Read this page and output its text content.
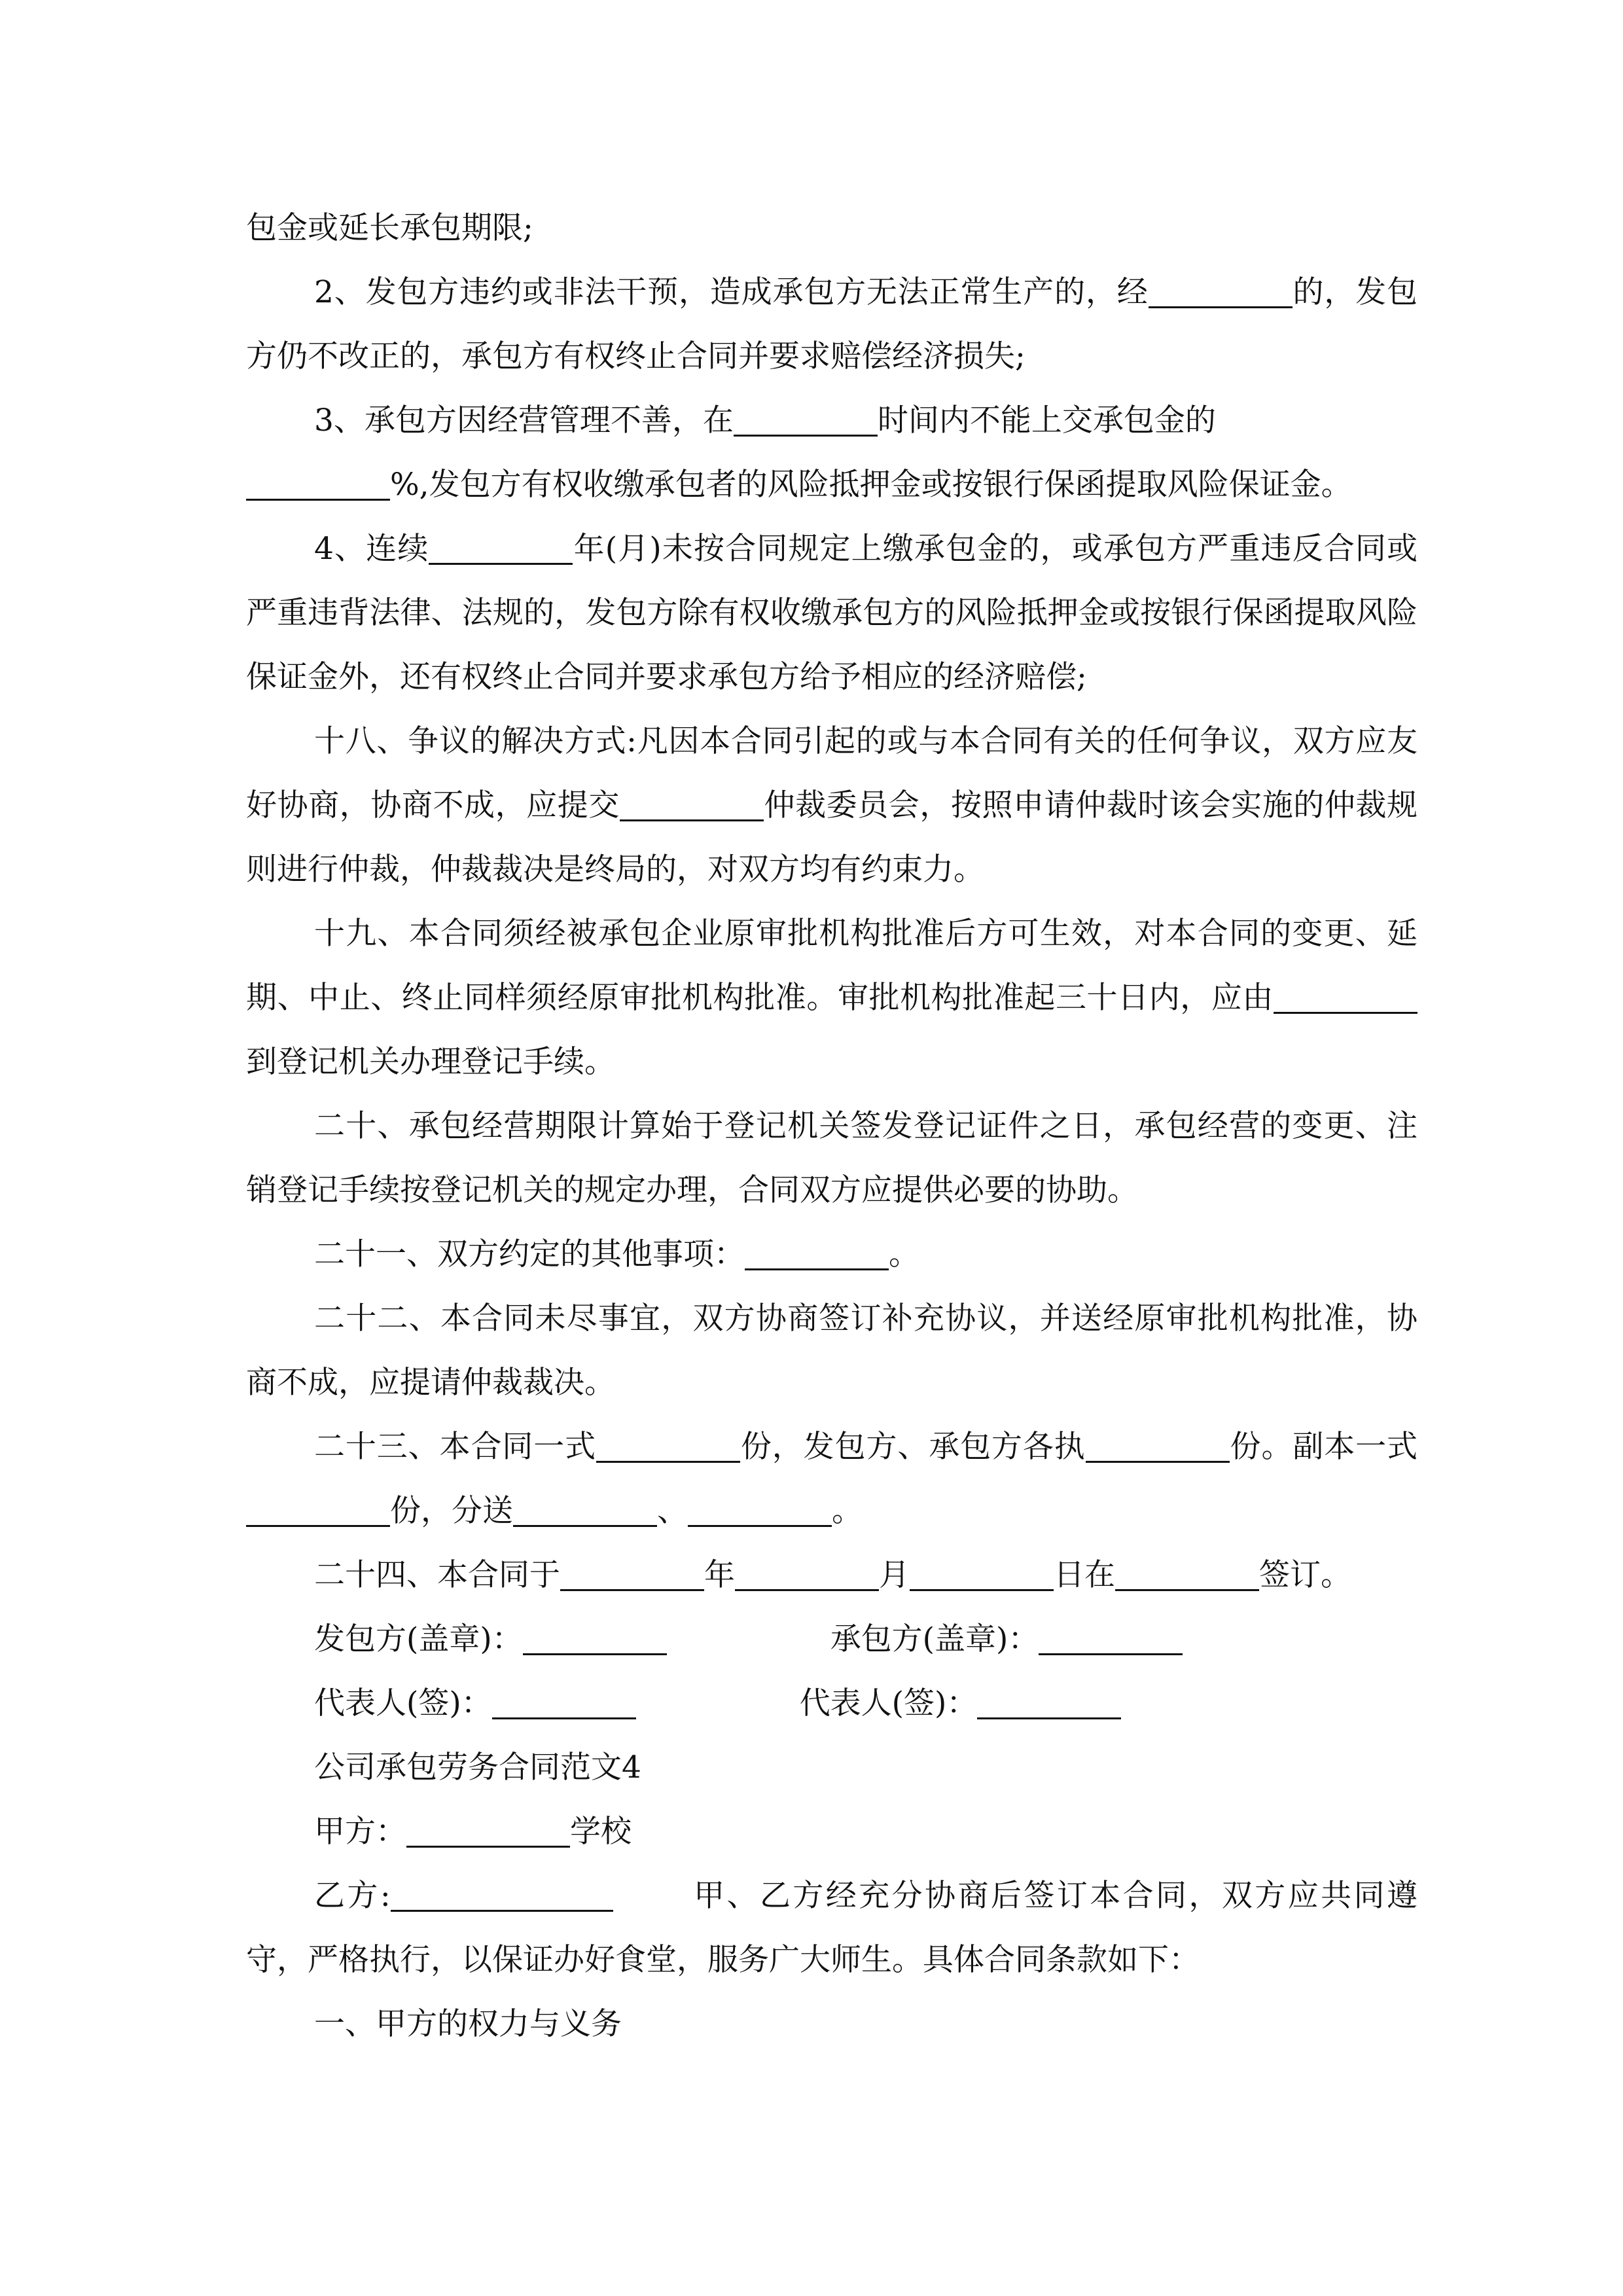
包金或延长承包期限;

2、发包方违约或非法干预，造成承包方无法正常生产的，经	的，发包方仍不改正的，承包方有权终止合同并要求赔偿经济损失;

3、承包方因经营管理不善，在	时间内不能上交承包金的
%,发包方有权收缴承包者的风险抵押金或按银行保函提取风险保证金。

4、连续	年(月)未按合同规定上缴承包金的，或承包方严重违反合同或严重违背法律、法规的，发包方除有权收缴承包方的风险抵押金或按银行保函提取风险保证金外，还有权终止合同并要求承包方给予相应的经济赔偿;

十八、争议的解决方式:凡因本合同引起的或与本合同有关的任何争议，双方应友好协商，协商不成，应提交	仲裁委员会，按照申请仲裁时该会实施的仲裁规则进行仲裁，仲裁裁决是终局的，对双方均有约束力。

十九、本合同须经被承包企业原审批机构批准后方可生效，对本合同的变更、延期、中止、终止同样须经原审批机构批准。审批机构批准起三十日内，应由到登记机关办理登记手续。

二十、承包经营期限计算始于登记机关签发登记证件之日，承包经营的变更、注销登记手续按登记机关的规定办理，合同双方应提供必要的协助。

二十一、双方约定的其他事项：	。

二十二、本合同未尽事宜，双方协商签订补充协议，并送经原审批机构批准，协商不成，应提请仲裁裁决。

二十三、本合同一式	份，发包方、承包方各执	份。副本一式份，分送	、	。

二十四、本合同于	年	月	日在	签订。

发包方(盖章)：	承包方(盖章)：
代表人(签)：	代表人(签)：

公司承包劳务合同范文4

甲方：	学校

乙方:	甲、乙方经充分协商后签订本合同，双方应共同遵守，严格执行，以保证办好食堂，服务广大师生。具体合同条款如下：

一、甲方的权力与义务
